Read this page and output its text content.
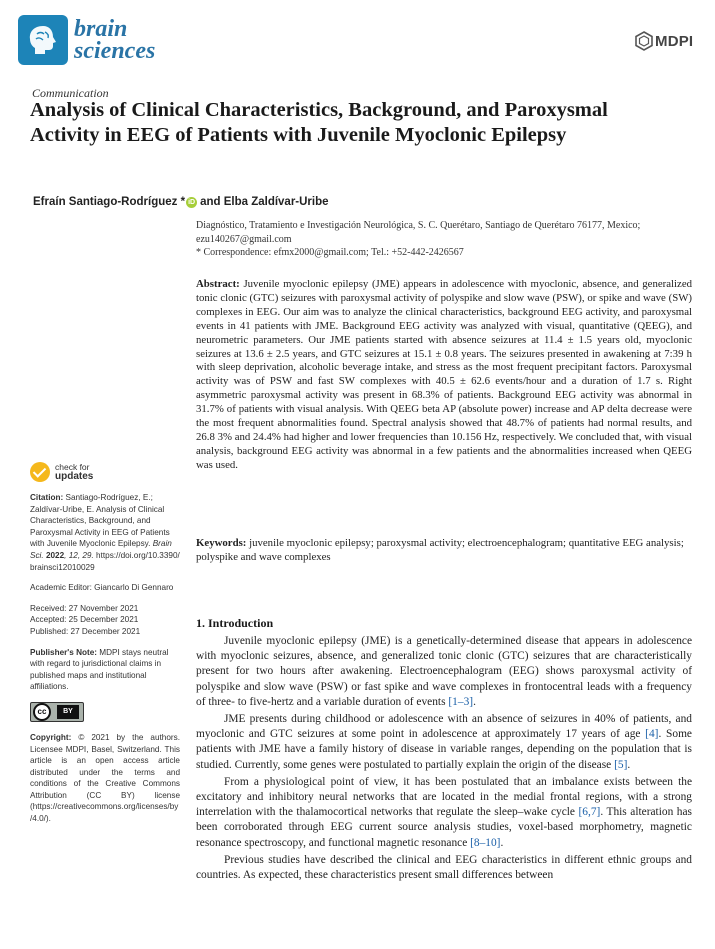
brain
sciences	MDPI
Communication
Analysis of Clinical Characteristics, Background, and Paroxysmal Activity in EEG of Patients with Juvenile Myoclonic Epilepsy
Efraín Santiago-Rodríguez * iD and Elba Zaldívar-Uribe
Diagnóstico, Tratamiento e Investigación Neurológica, S. C. Querétaro, Santiago de Querétaro 76177, Mexico;
ezu140267@gmail.com
* Correspondence: efmx2000@gmail.com; Tel.: +52-442-2426567
Abstract: Juvenile myoclonic epilepsy (JME) appears in adolescence with myoclonic, absence, and generalized tonic clonic (GTC) seizures with paroxysmal activity of polyspike and slow wave (PSW), or spike and wave (SW) complexes in EEG. Our aim was to analyze the clinical characteristics, background EEG activity, and paroxysmal events in 41 patients with JME. Background EEG activity was analyzed with visual, quantitative (QEEG), and neurometric parameters. Our JME patients started with absence seizures at 11.4 ± 1.5 years old, myoclonic seizures at 13.6 ± 2.5 years, and GTC seizures at 15.1 ± 0.8 years. The seizures presented in awakening at 7:39 h with sleep deprivation, alcoholic beverage intake, and stress as the most frequent precipitant factors. Paroxysmal activity was of PSW and fast SW complexes with 40.5 ± 62.6 events/hour and a duration of 1.7 s. Right asymmetric paroxysmal activity was present in 68.3% of patients. Background EEG activity was abnormal in 31.7% of patients with visual analysis. With QEEG beta AP (absolute power) increase and AP delta decrease were the most frequent abnormalities found. Spectral analysis showed that 48.7% of patients had normal results, and 26.8 3% and 24.4% had higher and lower frequencies than 10.156 Hz, respectively. We concluded that, with visual analysis, background EEG activity was abnormal in a few patients and the abnormalities increased when QEEG was used.
Keywords: juvenile myoclonic epilepsy; paroxysmal activity; electroencephalogram; quantitative EEG analysis; polyspike and wave complexes
check for
updates
Citation: Santiago-Rodríguez, E.; Zaldívar-Uribe, E. Analysis of Clinical Characteristics, Background, and Paroxysmal Activity in EEG of Patients with Juvenile Myoclonic Epilepsy. Brain Sci. 2022, 12, 29. https://doi.org/10.3390/brainsci12010029
Academic Editor: Giancarlo Di Gennaro
Received: 27 November 2021
Accepted: 25 December 2021
Published: 27 December 2021
Publisher's Note: MDPI stays neutral with regard to jurisdictional claims in published maps and institutional affiliations.
cc	BY
Copyright: © 2021 by the authors. Licensee MDPI, Basel, Switzerland. This article is an open access article distributed under the terms and conditions of the Creative Commons Attribution (CC BY) license (https://creativecommons.org/licenses/by/4.0/).
1. Introduction

Juvenile myoclonic epilepsy (JME) is a genetically-determined disease that appears in adolescence with myoclonic seizures, absence, and generalized tonic clonic (GTC) seizures that are characteristically present for two hours after awakening. Electroencephalogram (EEG) shows paroxysmal activity of polyspike and slow wave (PSW) or fast spike and wave complexes in frontocentral leads with a frequency of three- to five-hertz and a variable duration of events [1–3].

JME presents during childhood or adolescence with an absence of seizures in 40% of patients, and myoclonic and GTC seizures at some point in adolescence at approximately 17 years of age [4]. Some patients with JME have a family history of disease in variable ranges, depending on the population that is studied. Currently, some genes were postulated to partially explain the origin of the disease [5].

From a physiological point of view, it has been postulated that an imbalance exists between the excitatory and inhibitory neural networks that are located in the medial frontal regions, with a strong interrelation with the thalamocortical networks that regulate the sleep–wake cycle [6,7]. This alteration has been corroborated through EEG current source analysis studies, voxel-based morphometry, magnetic resonance spectroscopy, and functional magnetic resonance [8–10].

Previous studies have described the clinical and EEG characteristics in different ethnic groups and countries. As expected, these characteristics present small differences between
